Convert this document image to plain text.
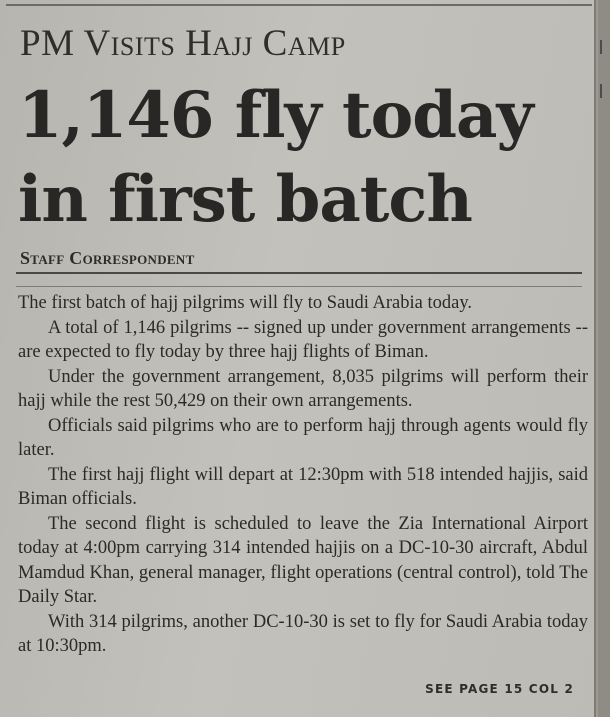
PM Visits Hajj Camp
1,146 fly today
in first batch
Staff Correspondent

The first batch of hajj pilgrims will fly to Saudi Arabia today.

A total of 1,146 pilgrims -- signed up under government arrangements -- are expected to fly today by three hajj flights of Biman.

Under the government arrangement, 8,035 pilgrims will perform their hajj while the rest 50,429 on their own arrangements.

Officials said pilgrims who are to perform hajj through agents would fly later.

The first hajj flight will depart at 12:30pm with 518 intended hajjis, said Biman officials.

The second flight is scheduled to leave the Zia International Airport today at 4:00pm carrying 314 intended hajjis on a DC-10-30 aircraft, Abdul Mamdud Khan, general manager, flight operations (central control), told The Daily Star.

With 314 pilgrims, another DC-10-30 is set to fly for Saudi Arabia today at 10:30pm.

SEE PAGE 15 COL 2
